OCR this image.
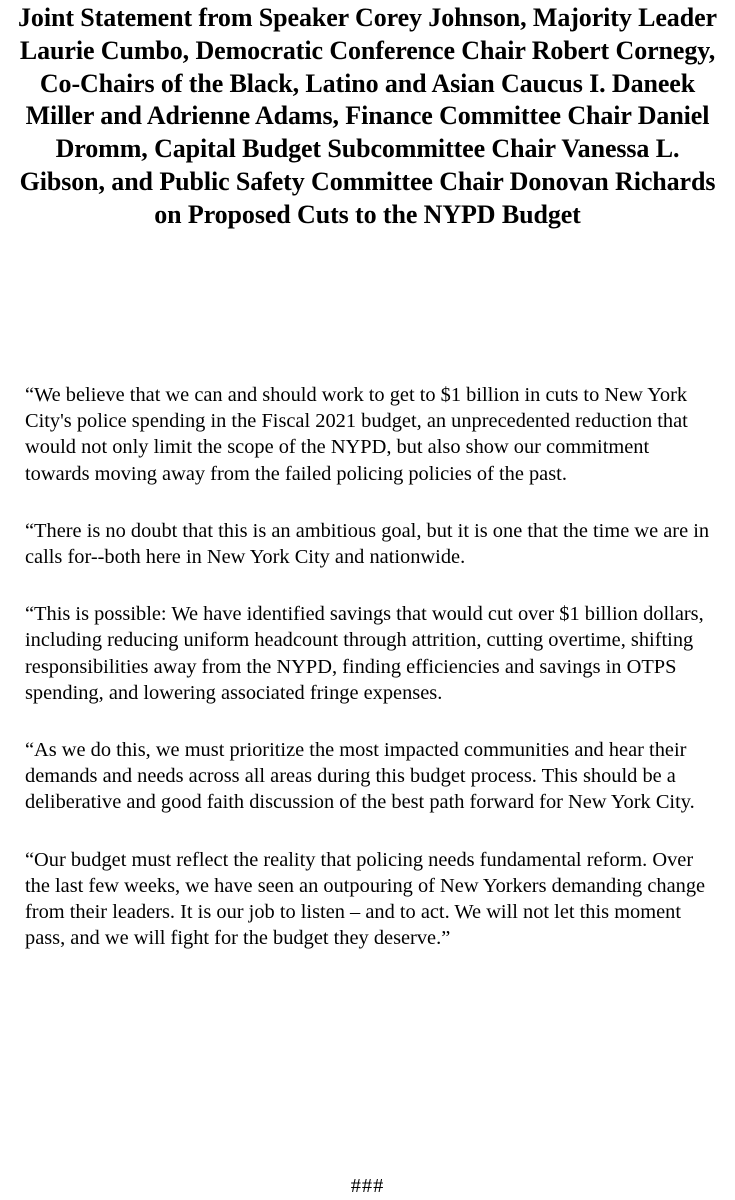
Joint Statement from Speaker Corey Johnson, Majority Leader Laurie Cumbo, Democratic Conference Chair Robert Cornegy, Co-Chairs of the Black, Latino and Asian Caucus I. Daneek Miller and Adrienne Adams, Finance Committee Chair Daniel Dromm, Capital Budget Subcommittee Chair Vanessa L. Gibson, and Public Safety Committee Chair Donovan Richards on Proposed Cuts to the NYPD Budget

“We believe that we can and should work to get to $1 billion in cuts to New York City's police spending in the Fiscal 2021 budget, an unprecedented reduction that would not only limit the scope of the NYPD, but also show our commitment towards moving away from the failed policing policies of the past.

“There is no doubt that this is an ambitious goal, but it is one that the time we are in calls for--both here in New York City and nationwide.

“This is possible: We have identified savings that would cut over $1 billion dollars, including reducing uniform headcount through attrition, cutting overtime, shifting responsibilities away from the NYPD, finding efficiencies and savings in OTPS spending, and lowering associated fringe expenses.

“As we do this, we must prioritize the most impacted communities and hear their demands and needs across all areas during this budget process. This should be a deliberative and good faith discussion of the best path forward for New York City.

“Our budget must reflect the reality that policing needs fundamental reform. Over the last few weeks, we have seen an outpouring of New Yorkers demanding change from their leaders. It is our job to listen – and to act. We will not let this moment pass, and we will fight for the budget they deserve.”

###
